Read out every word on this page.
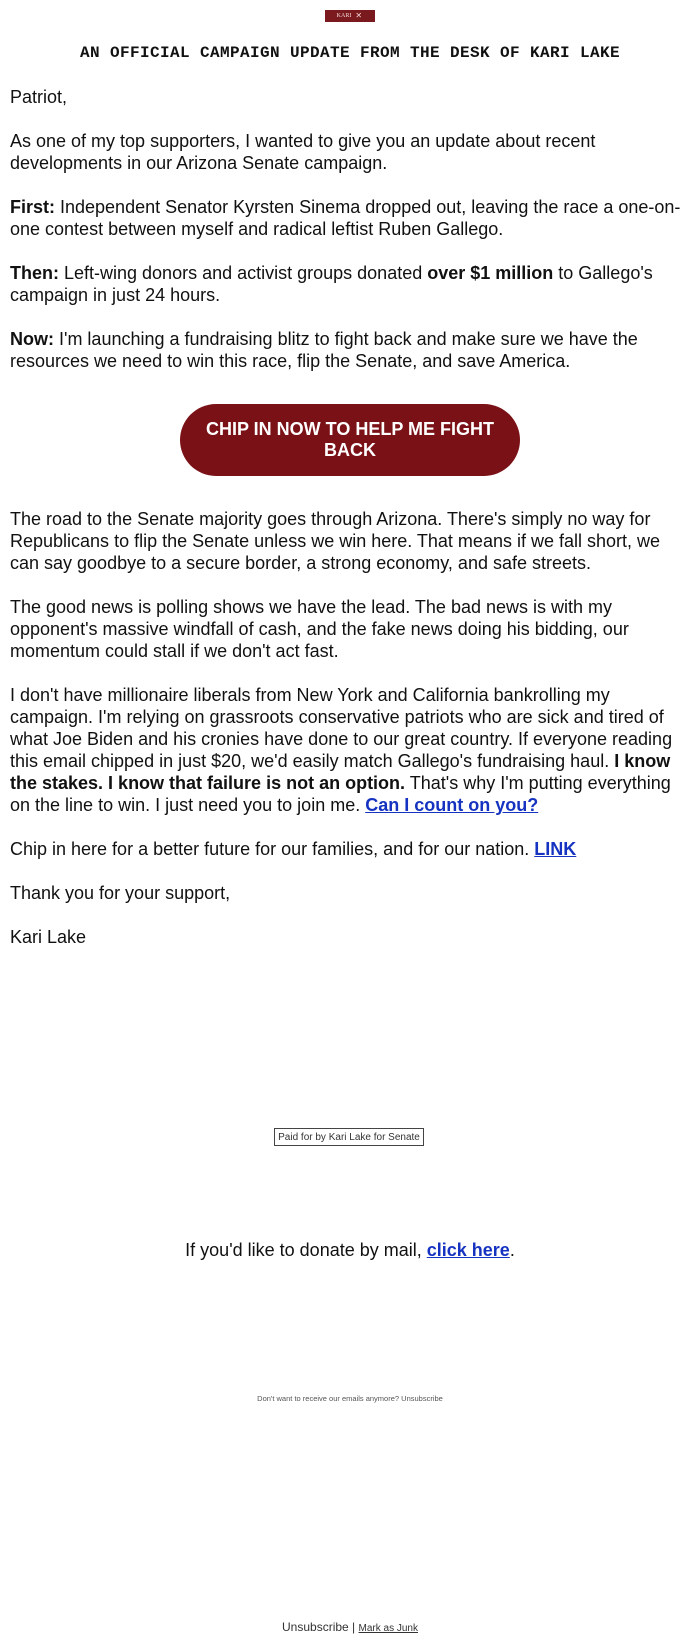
KARI ✕
AN OFFICIAL CAMPAIGN UPDATE FROM THE DESK OF KARI LAKE

Patriot,

As one of my top supporters, I wanted to give you an update about recent developments in our Arizona Senate campaign.

First: Independent Senator Kyrsten Sinema dropped out, leaving the race a one-on-one contest between myself and radical leftist Ruben Gallego.

Then: Left-wing donors and activist groups donated over $1 million to Gallego's campaign in just 24 hours.

Now: I'm launching a fundraising blitz to fight back and make sure we have the resources we need to win this race, flip the Senate, and save America.

CHIP IN NOW TO HELP ME FIGHT BACK

The road to the Senate majority goes through Arizona. There's simply no way for Republicans to flip the Senate unless we win here. That means if we fall short, we can say goodbye to a secure border, a strong economy, and safe streets.

The good news is polling shows we have the lead. The bad news is with my opponent's massive windfall of cash, and the fake news doing his bidding, our momentum could stall if we don't act fast.

I don't have millionaire liberals from New York and California bankrolling my campaign. I'm relying on grassroots conservative patriots who are sick and tired of what Joe Biden and his cronies have done to our great country. If everyone reading this email chipped in just $20, we'd easily match Gallego's fundraising haul. I know the stakes. I know that failure is not an option. That's why I'm putting everything on the line to win. I just need you to join me. Can I count on you?

Chip in here for a better future for our families, and for our nation. LINK

Thank you for your support,

Kari Lake

Paid for by Kari Lake for Senate
If you'd like to donate by mail, click here.
Don't want to receive our emails anymore? Unsubscribe
Unsubscribe | Mark as Junk
